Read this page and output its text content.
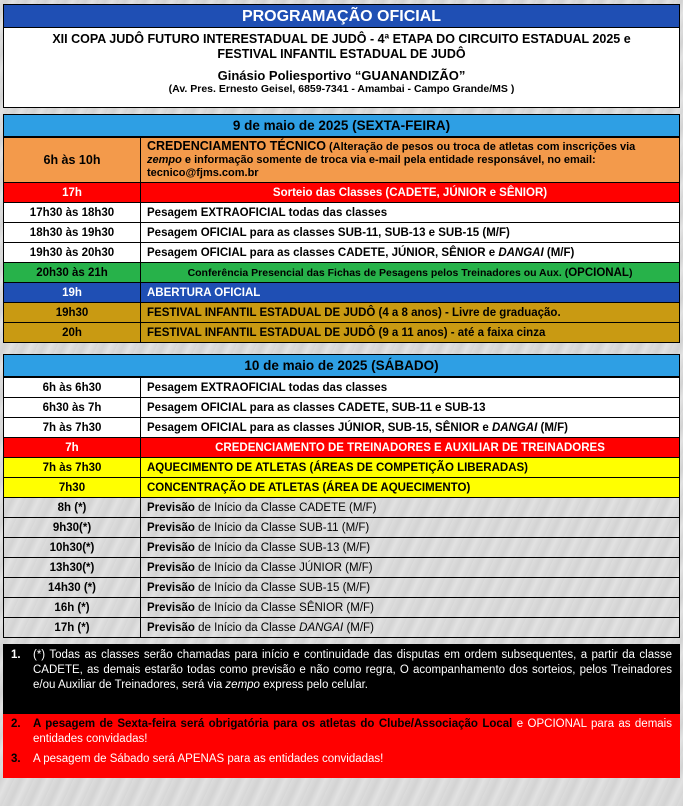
PROGRAMAÇÃO OFICIAL
XII COPA JUDÔ FUTURO INTERESTADUAL DE JUDÔ - 4ª ETAPA DO CIRCUITO ESTADUAL 2025 e
FESTIVAL INFANTIL ESTADUAL DE JUDÔ
Ginásio Poliesportivo “GUANANDIZÃO”
(Av. Pres. Ernesto Geisel, 6859-7341 - Amambai - Campo Grande/MS )
9 de maio de 2025 (SEXTA-FEIRA)
6h às 10h	CREDENCIAMENTO TÉCNICO (Alteração de pesos ou troca de atletas com inscrições via zempo e informação somente de troca via e-mail pela entidade responsável, no email: tecnico@fjms.com.br
17h	Sorteio das Classes (CADETE, JÚNIOR e SÊNIOR)
17h30 às 18h30	Pesagem EXTRAOFICIAL todas das classes
18h30 às 19h30	Pesagem OFICIAL para as classes SUB-11, SUB-13 e SUB-15 (M/F)
19h30 às 20h30	Pesagem OFICIAL para as classes CADETE, JÚNIOR, SÊNIOR e DANGAI (M/F)
20h30 às 21h	Conferência Presencial das Fichas de Pesagens pelos Treinadores ou Aux. (OPCIONAL)
19h	ABERTURA OFICIAL
19h30	FESTIVAL INFANTIL ESTADUAL DE JUDÔ (4 a 8 anos) - Livre de graduação.
20h	FESTIVAL INFANTIL ESTADUAL DE JUDÔ (9 a 11 anos) - até a faixa cinza
10 de maio de 2025 (SÁBADO)
6h às 6h30	Pesagem EXTRAOFICIAL todas das classes
6h30 às 7h	Pesagem OFICIAL para as classes CADETE, SUB-11 e SUB-13
7h às 7h30	Pesagem OFICIAL para as classes JÚNIOR, SUB-15, SÊNIOR e DANGAI (M/F)
7h	CREDENCIAMENTO DE TREINADORES E AUXILIAR DE TREINADORES
7h às 7h30	AQUECIMENTO DE ATLETAS (ÁREAS DE COMPETIÇÃO LIBERADAS)
7h30	CONCENTRAÇÃO DE ATLETAS (ÁREA DE AQUECIMENTO)
8h (*)	Previsão de Início da Classe CADETE (M/F)
9h30(*)	Previsão de Início da Classe SUB-11 (M/F)
10h30(*)	Previsão de Início da Classe SUB-13 (M/F)
13h30(*)	Previsão de Início da Classe JÚNIOR (M/F)
14h30 (*)	Previsão de Início da Classe SUB-15 (M/F)
16h (*)	Previsão de Início da Classe SÊNIOR (M/F)
17h (*)	Previsão de Início da Classe DANGAI (M/F)
1.	(*) Todas as classes serão chamadas para início e continuidade das disputas em ordem subsequentes, a partir da classe CADETE, as demais estarão todas como previsão e não como regra, O acompanhamento dos sorteios, pelos Treinadores e/ou Auxiliar de Treinadores, será via zempo express pelo celular.
2.	A pesagem de Sexta-feira será obrigatória para os atletas do Clube/Associação Local e OPCIONAL para as demais entidades convidadas!
3.	A pesagem de Sábado será APENAS para as entidades convidadas!
